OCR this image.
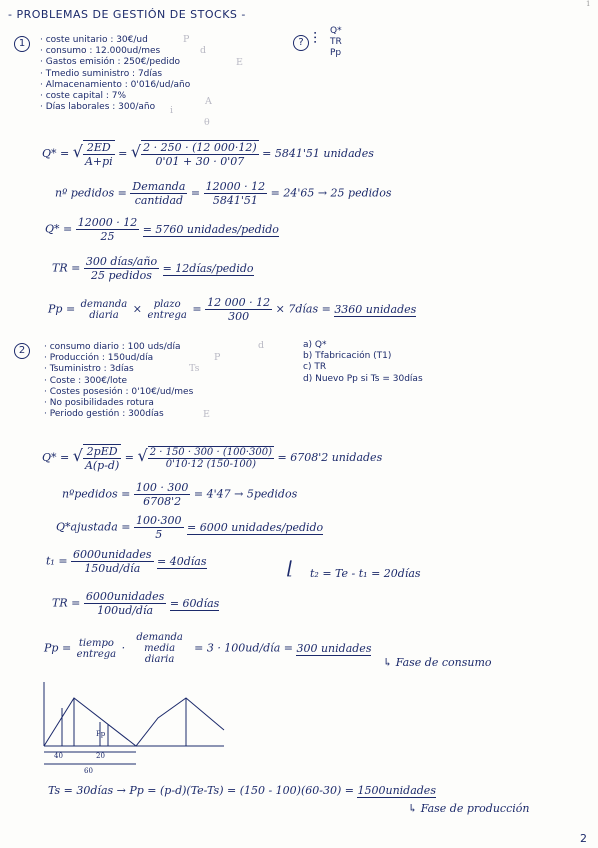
- PROBLEMAS DE GESTIÓN DE STOCKS -
1
1	· coste unitario : 30€/ud
· consumo : 12.000ud/mes
· Gastos emisión : 250€/pedido
· Tmedio suministro : 7días
· Almacenamiento : 0'016/ud/año
· coste capital : 7%
· Días laborales : 300/año
P
d
E
A
i
θ
? ⫶ Q*
TR
Pp
Q* = √ $\frac{2ED}{A+pi}$ = √ $\frac{2 \cdot 250 \cdot (12 000\cdot 12)}{0'01 + 30 \cdot 0'07} = 5841'51$ unidades
nº pedidos = $\frac{\text{Demanda}}{\text{cantidad}} = \frac{12000 \cdot 12}{5841'51} = 24'65 \to 25$ pedidos
$Q* = \frac{12000 \cdot 12}{25} = 5760$ unidades/pedido
TR = $\frac{\text{300 días/año}}{\text{25 pedidos}}$ = 12días/pedido
Pp = demanda
diaria	×	plazo
entrega = $\frac{12 000 \cdot 12}{300}$ × 7días = 3360 unidades
2	· consumo diario : 100 uds/día
· Producción : 150ud/día
· Tsuministro : 3días
· Coste : 300€/lote
· Costes posesión : 0'10€/ud/mes
· No posibilidades rotura
· Periodo gestión : 300días
d
P
Ts
E
a) Q*
b) Tfabricación (T1)
c) TR
d) Nuevo Pp si Ts = 30días
Q* = √ $\frac{\text{2pED}}{A(p-d)}$ = √ $\frac{2 \cdot 150 \cdot 300 \cdot (100\cdot 300)}{0'10\cdot 12 (150-100)} = 6708'2$ unidades
nºpedidos = $\frac{100 \cdot 300}{6708'2} = 4'47$ → 5pedidos
Q*ajustada = $\frac{100\cdot 300}{5} = 6000$ unidades/pedido
$t_1 = \frac{\text{6000unidades}}{\text{150ud/día}}$ = 40días	⌊ t₂ = Te - t₁ = 20días
TR = $\frac{\text{6000unidades}}{\text{100ud/día}}$ = 60días
Pp = tiempo
entrega ·
demanda media
diaria
= 3 · 100ud/día = 300 unidades
↳ Fase de consumo
Pp
40	20
60
Ts = 30días → Pp = (p-d)(Te-Ts) = (150 - 100)(60-30) = 1500unidades
↳ Fase de producción
2
